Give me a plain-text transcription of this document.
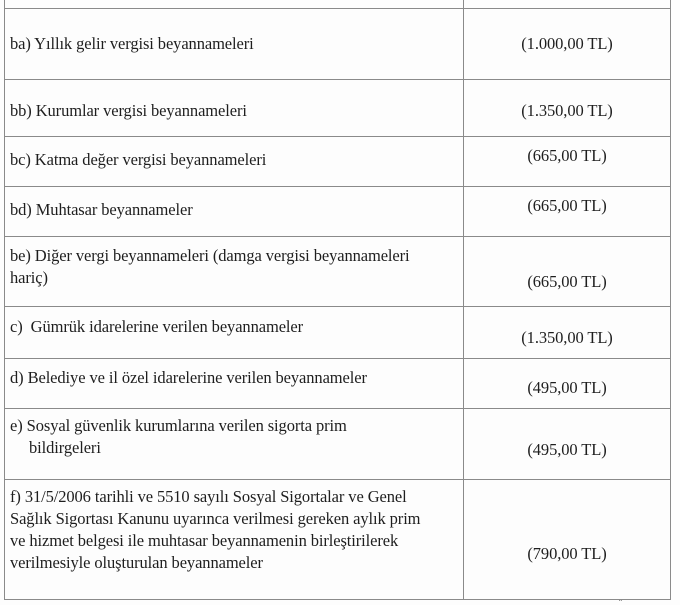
ba) Yıllık gelir vergisi beyannameleri	(1.000,00 TL)
bb) Kurumlar vergisi beyannameleri	(1.350,00 TL)
bc) Katma değer vergisi beyannameleri	(665,00 TL)
bd) Muhtasar beyannameler	(665,00 TL)

be) Diğer vergi beyannameleri (damga vergisi beyannameleri
hariç)	(665,00 TL)
c)  Gümrük idarelerine verilen beyannameler	(1.350,00 TL)
d) Belediye ve il özel idarelerine verilen beyannameler	(495,00 TL)

e) Sosyal güvenlik kurumlarına verilen sigorta prim
bildirgeleri	(495,00 TL)

f) 31/5/2006 tarihli ve 5510 sayılı Sosyal Sigortalar ve Genel
Sağlık Sigortası Kanunu uyarınca verilmesi gereken aylık prim
ve hizmet belgesi ile muhtasar beyannamenin birleştirilerek
verilmesiyle oluşturulan beyannameler	(790,00 TL)
¨
